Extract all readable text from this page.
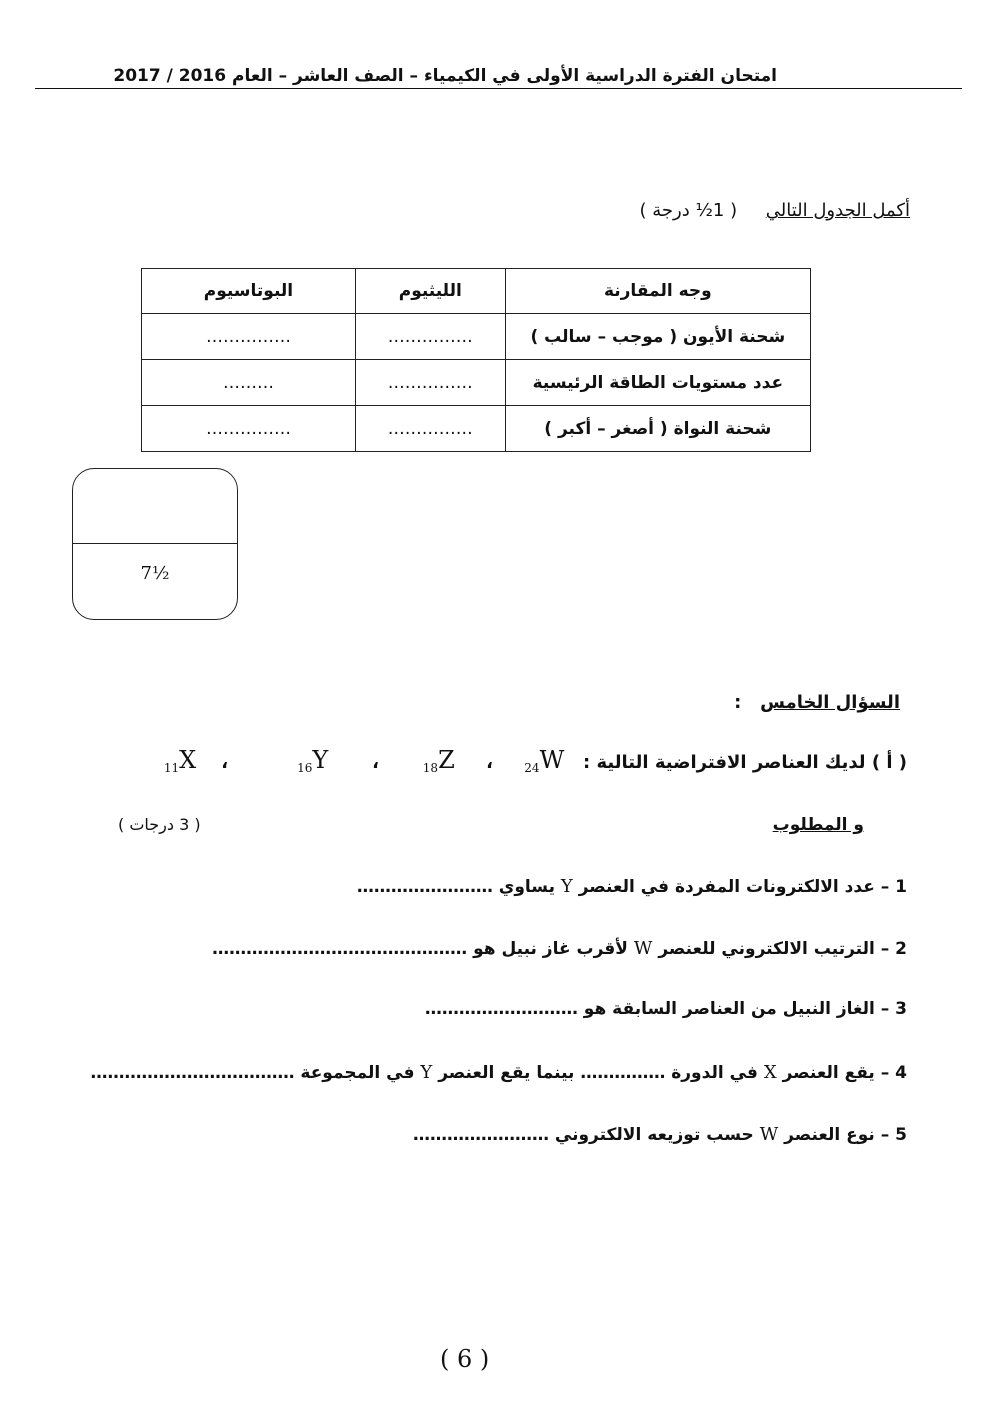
امتحان الفترة الدراسية الأولى في الكيمياء – الصف العاشر – العام 2016 / 2017
أكمل الجدول التالي     ( 1½ درجة )
وجه المقارنة	الليثيوم	البوتاسيوم
شحنة الأيون ( موجب – سالب )	……………	……………
عدد مستويات الطاقة الرئيسية	……………	………
شحنة النواة ( أصغر – أكبر )	……………	……………
7½
السؤال الخامس   :
( أ ) لديك العناصر الافتراضية التالية :   $_{24}$W     ،     $_{18}$Z       ،       $_{16}$Y           ،    $_{11}$X
و المطلوب
( 3 درجات )
1 – عدد الالكترونات المفردة في العنصر Y يساوي ……………………
2 – الترتيب الالكتروني للعنصر W لأقرب غاز نبيل هو ………………………………………
3 – الغاز النبيل من العناصر السابقة هو ………………………
4 – يقع العنصر X في الدورة …………… بينما يقع العنصر Y في المجموعة ………………………………
5 – نوع العنصر W حسب توزيعه الالكتروني ……………………
( 6 )
